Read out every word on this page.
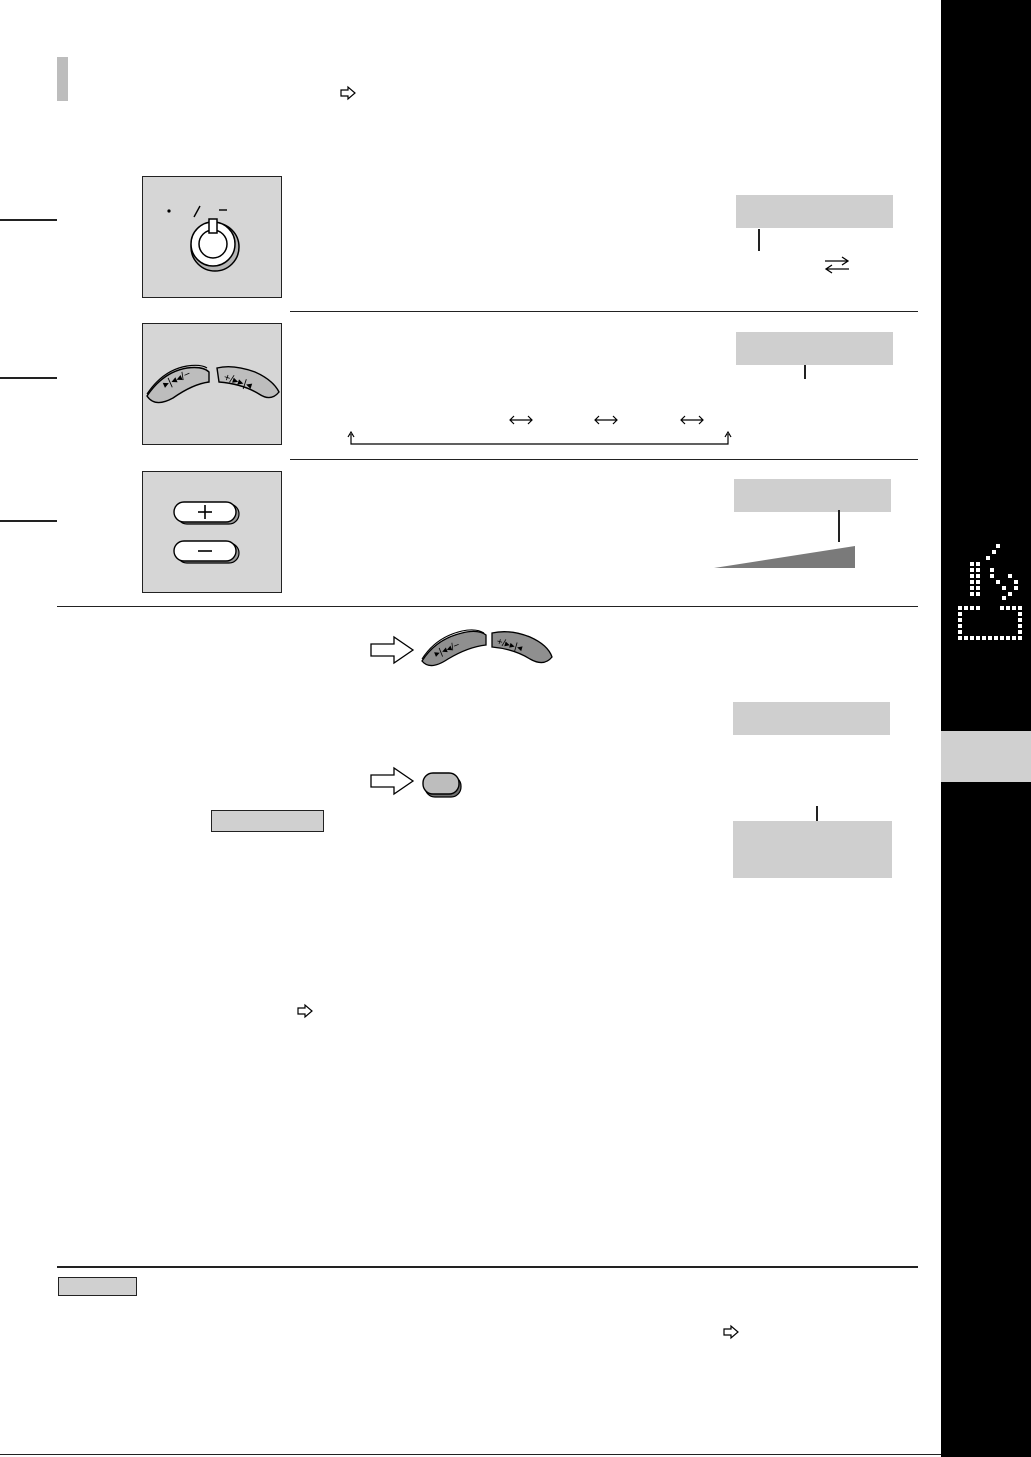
▸|◂◂/−	+/▸▸|◂
▸|◂◂/−	+/▸▸|◂
